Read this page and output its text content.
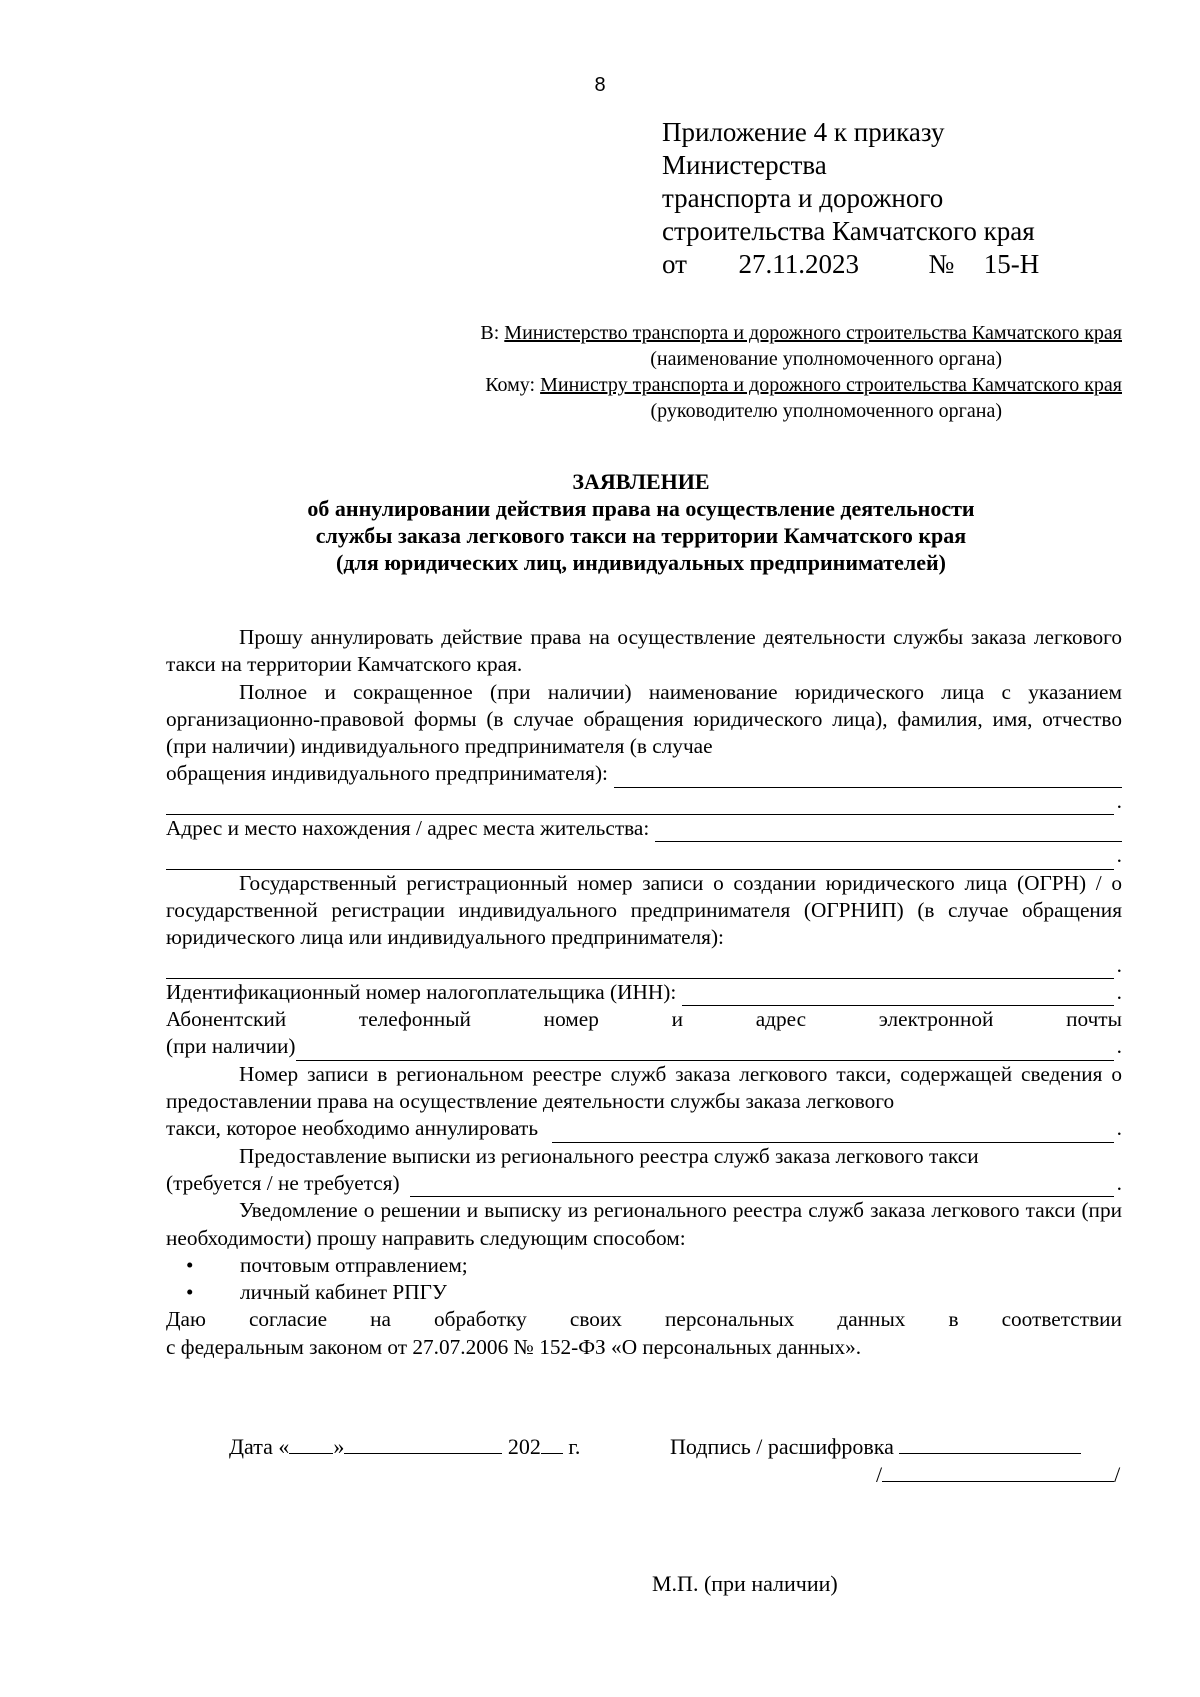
8
Приложение 4 к приказу
Министерства
транспорта и дорожного
строительства Камчатского края
от 27.11.2023	№ 15-Н
В: Министерство транспорта и дорожного строительства Камчатского края
(наименование уполномоченного органа)
Кому: Министру транспорта и дорожного строительства Камчатского края
(руководителю уполномоченного органа)
ЗАЯВЛЕНИЕ
об аннулировании действия права на осуществление деятельности
службы заказа легкового такси на территории Камчатского края
(для юридических лиц, индивидуальных предпринимателей)
Прошу аннулировать действие права на осуществление деятельности службы заказа легкового такси на территории Камчатского края.
Полное и сокращенное (при наличии) наименование юридического лица с указанием организационно-правовой формы (в случае обращения юридического лица), фамилия, имя, отчество (при наличии) индивидуального предпринимателя (в случае
обращения индивидуального предпринимателя):
.
Адрес и место нахождения / адрес места жительства:
.
Государственный регистрационный номер записи о создании юридического лица (ОГРН) / о государственной регистрации индивидуального предпринимателя (ОГРНИП) (в случае обращения юридического лица или индивидуального предпринимателя):
.
Идентификационный номер налогоплательщика (ИНН):	.
Абонентский	телефонный	номер	и	адрес	электронной	почты
(при наличии)	.
Номер записи в региональном реестре служб заказа легкового такси, содержащей сведения о предоставлении права на осуществление деятельности службы заказа легкового
такси, которое необходимо аннулировать	.
Предоставление выписки из регионального реестра служб заказа легкового такси
(требуется / не требуется)	.
Уведомление о решении и выписку из регионального реестра служб заказа легкового такси (при необходимости) прошу направить следующим способом:
•	почтовым отправлением;
•	личный кабинет РПГУ
Даю согласие на обработку своих персональных данных в соответствии
с федеральным законом от 27.07.2006 № 152-ФЗ «О персональных данных».
Дата « »	202 г.	Подпись / расшифровка
/	/
М.П. (при наличии)
